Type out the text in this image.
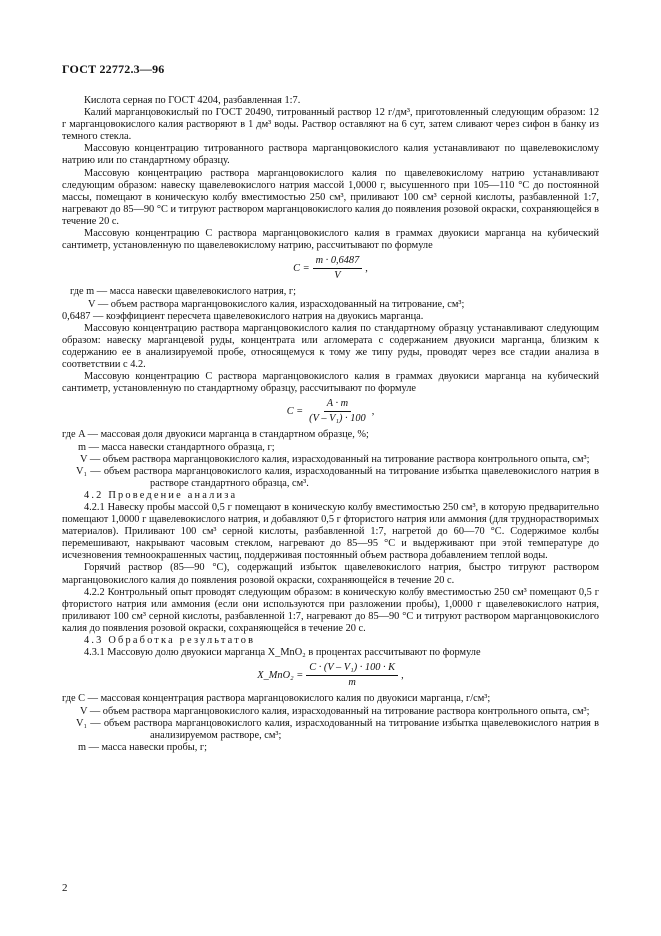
ГОСТ 22772.3—96

Кислота серная по ГОСТ 4204, разбавленная 1:7.

Калий марганцовокислый по ГОСТ 20490, титрованный раствор 12 г/дм³, приготовленный следующим образом: 12 г марганцовокислого калия растворяют в 1 дм³ воды. Раствор оставляют на 6 сут, затем сливают через сифон в банку из темного стекла.

Массовую концентрацию титрованного раствора марганцовокислого калия устанавливают по щавелевокислому натрию или по стандартному образцу.

Массовую концентрацию раствора марганцовокислого калия по щавелевокислому натрию устанавливают следующим образом: навеску щавелевокислого натрия массой 1,0000 г, высушенного при 105—110 °С до постоянной массы, помещают в коническую колбу вместимостью 250 см³, приливают 100 см³ серной кислоты, разбавленной 1:7, нагревают до 85—90 °С и титруют раствором марганцовокислого калия до появления розовой окраски, сохраняющейся в течение 20 с.

Массовую концентрацию С раствора марганцовокислого калия в граммах двуокиси марганца на кубический сантиметр, установленную по щавелевокислому натрию, рассчитывают по формуле

$С = \frac{m \cdot 0,6487}{V}$ ,

где m — масса навески щавелевокислого натрия, г;

V — объем раствора марганцовокислого калия, израсходованный на титрование, см³;

0,6487 — коэффициент пересчета щавелевокислого натрия на двуокись марганца.

Массовую концентрацию раствора марганцовокислого калия по стандартному образцу устанавливают следующим образом: навеску марганцевой руды, концентрата или агломерата с содержанием двуокиси марганца, близким к содержанию ее в анализируемой пробе, относящемуся к тому же типу руды, проводят через все стадии анализа в соответствии с 4.2.

Массовую концентрацию С раствора марганцовокислого калия в граммах двуокиси марганца на кубический сантиметр, установленную по стандартному образцу, рассчитывают по формуле

$С = \frac{A \cdot m}{\text{(V – V₁) · 100}}$ ,

где A — массовая доля двуокиси марганца в стандартном образце, %;

m — масса навески стандартного образца, г;

V — объем раствора марганцовокислого калия, израсходованный на титрование раствора контрольного опыта, см³;

V₁ — объем раствора марганцовокислого калия, израсходованный на титрование избытка щавелевокислого натрия в растворе стандартного образца, см³.

4.2 Проведение анализа

4.2.1 Навеску пробы массой 0,5 г помещают в коническую колбу вместимостью 250 см³, в которую предварительно помещают 1,0000 г щавелевокислого натрия, и добавляют 0,5 г фтористого натрия или аммония (для труднорастворимых материалов). Приливают 100 см³ серной кислоты, разбавленной 1:7, нагретой до 60—70 °С. Содержимое колбы перемешивают, накрывают часовым стеклом, нагревают до 85—95 °С и выдерживают при этой температуре до исчезновения темноокрашенных частиц, поддерживая постоянный объем раствора добавлением теплой воды.

Горячий раствор (85—90 °С), содержащий избыток щавелевокислого натрия, быстро титруют раствором марганцовокислого калия до появления розовой окраски, сохраняющейся в течение 20 с.

4.2.2 Контрольный опыт проводят следующим образом: в коническую колбу вместимостью 250 см³ помещают 0,5 г фтористого натрия или аммония (если они используются при разложении пробы), 1,0000 г щавелевокислого натрия, приливают 100 см³ серной кислоты, разбавленной 1:7, нагревают до 85—90 °С и титруют раствором марганцовокислого калия до появления розовой окраски, сохраняющейся в течение 20 с.

4.3 Обработка результатов

4.3.1 Массовую долю двуокиси марганца X_MnO₂ в процентах рассчитывают по формуле

X_MnO₂ = $\frac{\text{C · (V – V₁) · 100 · K}}{m}$ ,

где C — массовая концентрация раствора марганцовокислого калия по двуокиси марганца, г/см³;

V — объем раствора марганцовокислого калия, израсходованный на титрование раствора контрольного опыта, см³;

V₁ — объем раствора марганцовокислого калия, израсходованный на титрование избытка щавелевокислого натрия в анализируемом растворе, см³;

m — масса навески пробы, г;

2
